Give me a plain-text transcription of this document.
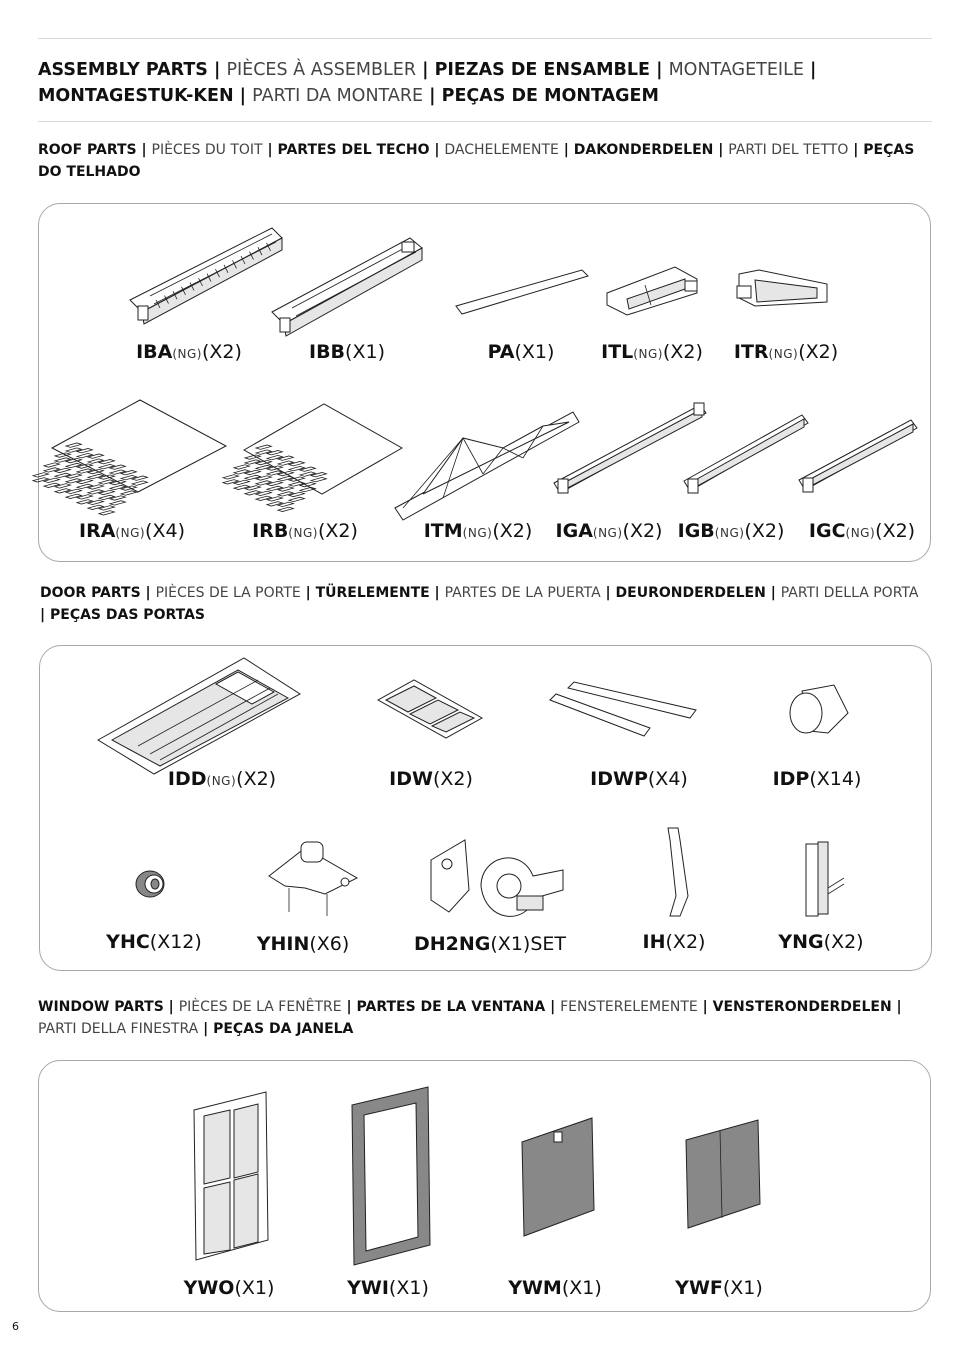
ASSEMBLY PARTS | PIÈCES À ASSEMBLER | PIEZAS DE ENSAMBLE | MONTAGETEILE | MONTAGESTUK-KEN | PARTI DA MONTARE | PEÇAS DE MONTAGEM
ROOF PARTS | PIÈCES DU TOIT | PARTES DEL TECHO | DACHELEMENTE | DAKONDERDELEN | PARTI DEL TETTO | PEÇAS DO TELHADO
IBA(NG)(X2)	IBB(X1)	PA(X1) ITL(NG)(X2) ITR(NG)(X2)
IRA(NG)(X4)	IRB(NG)(X2)	ITM(NG)(X2) IGA(NG)(X2) IGB(NG)(X2) IGC(NG)(X2)
DOOR PARTS | PIÈCES DE LA PORTE | TÜRELEMENTE | PARTES DE LA PUERTA | DEURONDERDELEN | PARTI DELLA PORTA | PEÇAS DAS PORTAS
IDD(NG)(X2)	IDW(X2)	IDWP(X4)	IDP(X14)
YHC(X12)	YHIN(X6)	DH2NG(X1)SET	IH(X2)	YNG(X2)
WINDOW PARTS | PIÈCES DE LA FENÊTRE | PARTES DE LA VENTANA | FENSTERELEMENTE | VENSTERONDERDELEN | PARTI DELLA FINESTRA | PEÇAS DA JANELA
YWO(X1)	YWI(X1)	YWM(X1)	YWF(X1)
6
